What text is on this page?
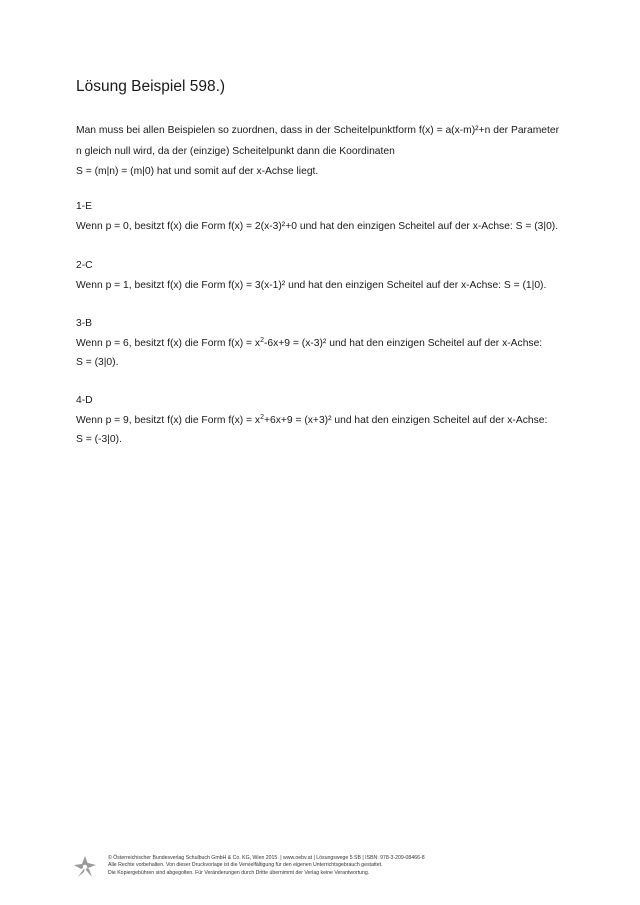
Lösung Beispiel 598.)
Man muss bei allen Beispielen so zuordnen, dass in der Scheitelpunktform f(x) = a(x-m)²+n der Parameter
n gleich null wird, da der (einzige) Scheitelpunkt dann die Koordinaten
S = (m|n) = (m|0) hat und somit auf der x-Achse liegt.
1-E
Wenn p = 0, besitzt f(x) die Form f(x) = 2(x-3)²+0 und hat den einzigen Scheitel auf der x-Achse: S = (3|0).
2-C
Wenn p = 1, besitzt f(x) die Form f(x) = 3(x-1)² und hat den einzigen Scheitel auf der x-Achse: S = (1|0).
3-B
Wenn p = 6, besitzt f(x) die Form $f(x) = x^2-6x+9 = (x-3)^2$ und hat den einzigen Scheitel auf der x-Achse:
S = (3|0).
4-D
Wenn p = 9, besitzt f(x) die Form $f(x) = x^2+6x+9 = (x+3)^2$ und hat den einzigen Scheitel auf der x-Achse:
S = (-3|0).
© Österreichischer Bundesverlag Schulbuch GmbH & Co. KG, Wien 2015. | www.oebv.at | Lösungswege 5 SB | ISBN: 978-3-209-08466-8
Alle Rechte vorbehalten. Von dieser Druckvorlage ist die Vervielfältigung für den eigenen Unterrichtsgebrauch gestattet.
Die Kopiergebühren sind abgegolten. Für Veränderungen durch Dritte übernimmt der Verlag keine Verantwortung.
